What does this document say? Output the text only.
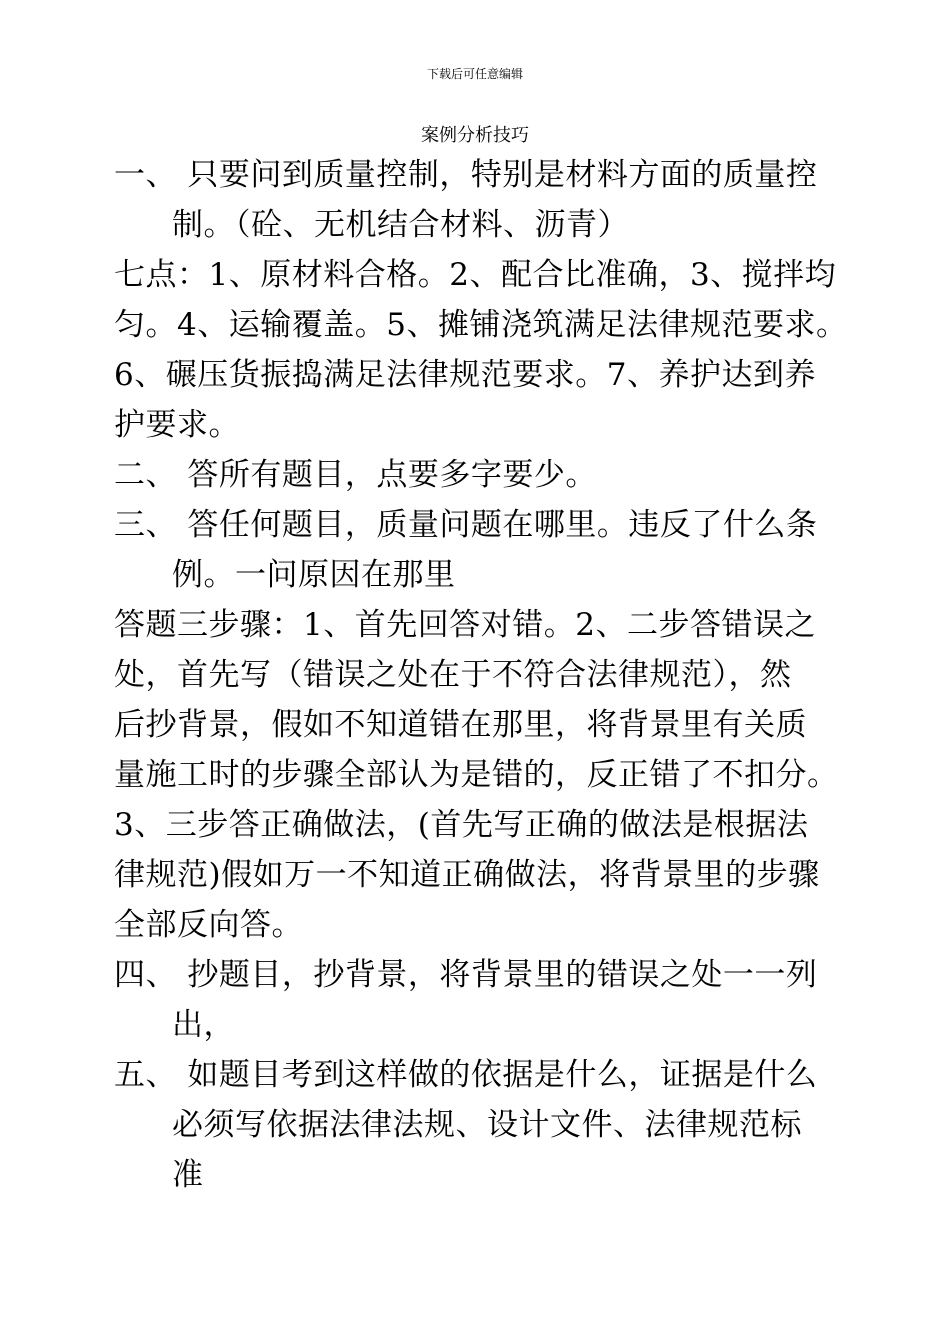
下载后可任意编辑
案例分析技巧
一、 只要问到质量控制，特别是材料方面的质量控
制。（砼、无机结合材料、沥青）
七点：1、原材料合格。2、配合比准确，3、搅拌均
匀。4、运输覆盖。5、摊铺浇筑满足法律规范要求。
6、碾压货振捣满足法律规范要求。7、养护达到养
护要求。
二、 答所有题目，点要多字要少。
三、 答任何题目，质量问题在哪里。违反了什么条
例。一问原因在那里
答题三步骤：1、首先回答对错。2、二步答错误之
处，首先写（错误之处在于不符合法律规范），然
后抄背景，假如不知道错在那里，将背景里有关质
量施工时的步骤全部认为是错的，反正错了不扣分。
3、三步答正确做法，(首先写正确的做法是根据法
律规范)假如万一不知道正确做法，将背景里的步骤
全部反向答。
四、 抄题目，抄背景，将背景里的错误之处一一列
出，
五、 如题目考到这样做的依据是什么，证据是什么
必须写依据法律法规、设计文件、法律规范标
准
